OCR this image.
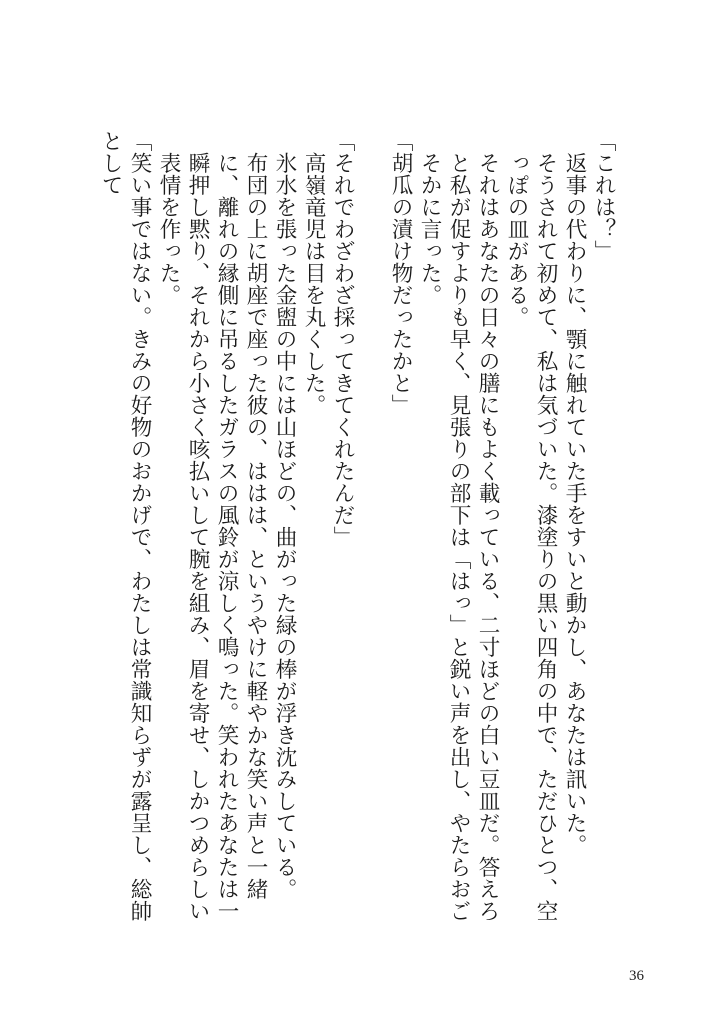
「これは？」
返事の代わりに、顎に触れていた手をすいと動かし、あなたは訊いた。
そうされて初めて、私は気づいた。漆塗りの黒い四角の中で、ただひとつ、空っぽの皿がある。
それはあなたの日々の膳にもよく載っている、二寸ほどの白い豆皿だ。答えろと私が促すよりも早く、見張りの部下は「はっ」と鋭い声を出し、やたらおごそかに言った。
「胡瓜の漬け物だったかと」
「それでわざわざ採ってきてくれたんだ」
高嶺竜児は目を丸くした。
氷水を張った金盥の中には山ほどの、曲がった緑の棒が浮き沈みしている。
布団の上に胡座で座った彼の、ははは、というやけに軽やかな笑い声と一緒に、離れの縁側に吊るしたガラスの風鈴が涼しく鳴った。笑われたあなたは一瞬押し黙り、それから小さく咳払いして腕を組み、眉を寄せ、しかつめらしい表情を作った。
「笑い事ではない。きみの好物のおかげで、わたしは常識知らずが露呈し、総帥として
36
